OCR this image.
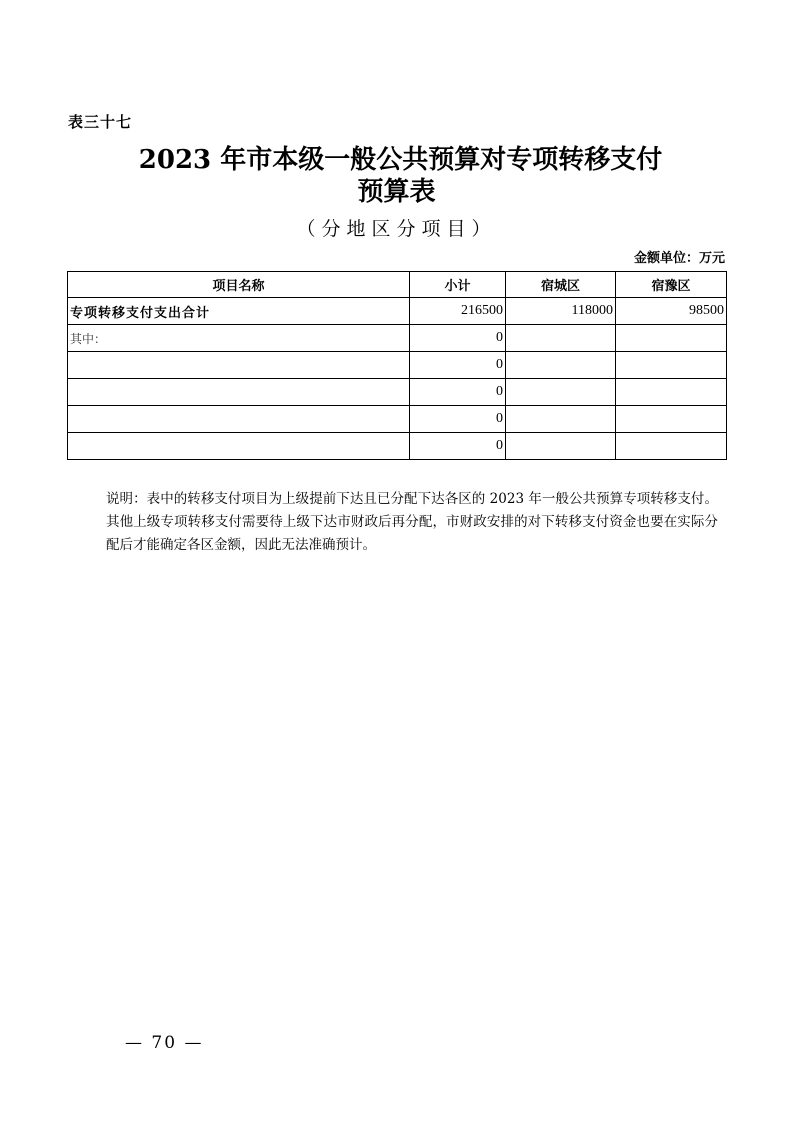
表三十七
2023 年市本级一般公共预算对专项转移支付
预算表
（分地区分项目）
金额单位：万元
项目名称	小计	宿城区	宿豫区
专项转移支付支出合计	216500	118000	98500
其中：	0		
	0		
	0		
	0		
	0		
说明：表中的转移支付项目为上级提前下达且已分配下达各区的 2023 年一般公共预算专项转移支付。其他上级专项转移支付需要待上级下达市财政后再分配，市财政安排的对下转移支付资金也要在实际分配后才能确定各区金额，因此无法准确预计。
— 70 —
